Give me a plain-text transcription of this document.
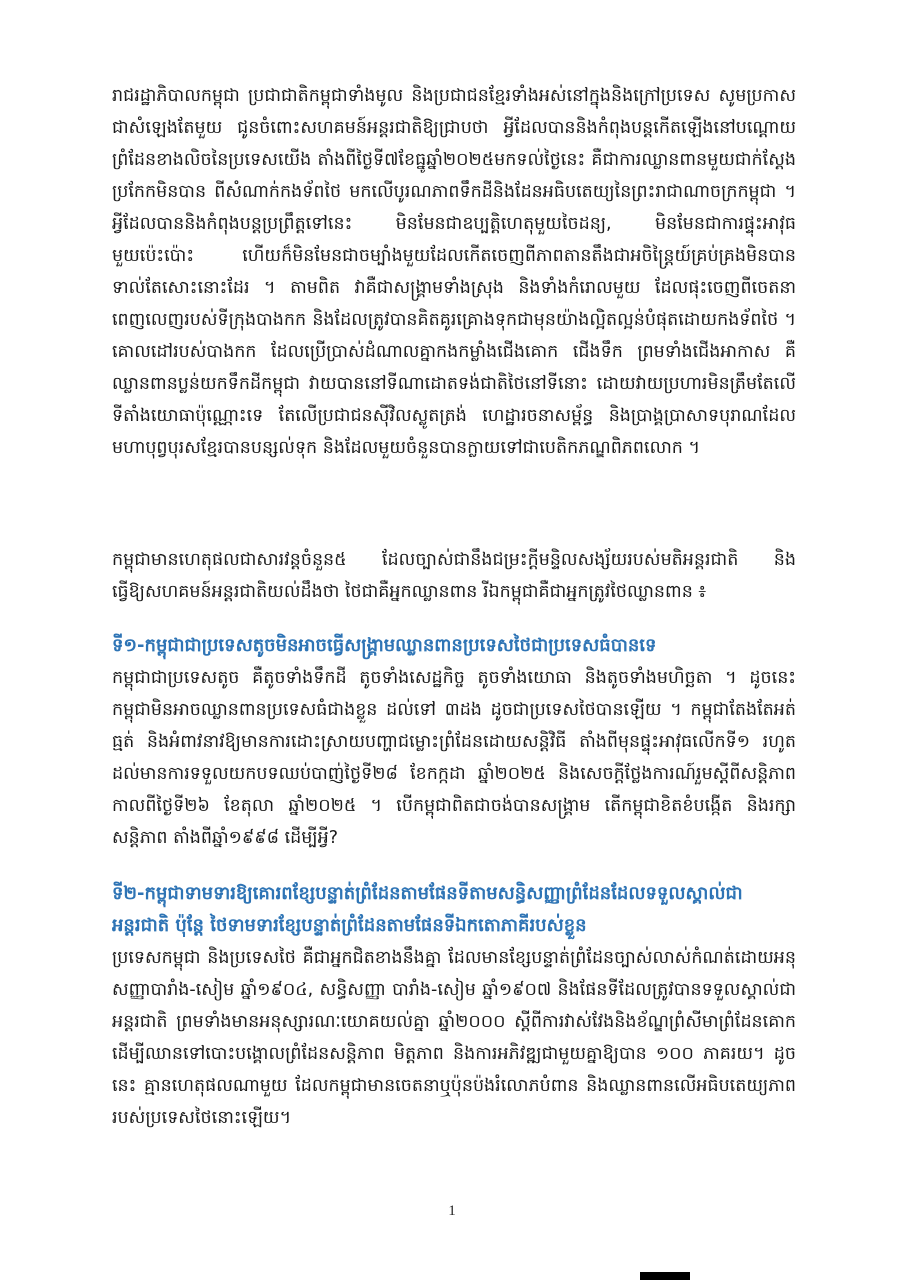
រាជរដ្ឋាភិបាលកម្ពុជា ប្រជាជាតិកម្ពុជាទាំងមូល និងប្រជាជនខ្មែរទាំងអស់នៅក្នុងនិងក្រៅប្រទេស សូមប្រកាសជាសំឡេងតែមួយ ជូនចំពោះសហគមន៍អន្តរជាតិឱ្យជ្រាបថា អ្វីដែលបាននិងកំពុងបន្តកើតឡើងនៅបណ្តោយព្រំដែនខាងលិចនៃប្រទេសយើង តាំងពីថ្ងៃទី៧ខែធ្នូឆ្នាំ២០២៥មកទល់ថ្ងៃនេះ គឺជាការឈ្លានពានមួយជាក់ស្តែងប្រកែកមិនបាន ពីសំណាក់កងទ័ពថៃ មកលើបូរណភាពទឹកដីនិងដែនអធិបតេយ្យនៃព្រះរាជាណាចក្រកម្ពុជា ។ អ្វីដែលបាននិងកំពុងបន្តប្រព្រឹត្តទៅនេះ មិនមែនជាឧប្បត្តិហេតុមួយចៃដន្យ, មិនមែនជាការផ្ទុះអាវុធមួយប៉េះប៉ោះ ហើយក៏មិនមែនជាចម្បាំងមួយដែលកើតចេញពីភាពតានតឹងជាអចិន្ត្រៃយ៍គ្រប់គ្រងមិនបានទាល់តែសោះនោះដែរ ។ តាមពិត វាគឺជាសង្គ្រាមទាំងស្រុង និងទាំងកំរោលមួយ ដែលផុះចេញពីចេតនាពេញលេញរបស់ទីក្រុងបាងកក និងដែលត្រូវបានគិតគូរគ្រោងទុកជាមុនយ៉ាងល្អិតល្អន់បំផុតដោយកងទ័ពថៃ ។ គោលដៅរបស់បាងកក ដែលប្រើប្រាស់ដំណាលគ្នាកងកម្លាំងជើងគោក ជើងទឹក ព្រមទាំងជើងអាកាស គឺ ឈ្លានពានប្លន់យកទឹកដីកម្ពុជា វាយបាននៅទីណាដោតទង់ជាតិថៃនៅទីនោះ ដោយវាយប្រហារមិនត្រឹមតែលើទីតាំងយោធាប៉ុណ្ណោះទេ តែលើប្រជាជនស៊ីវិលស្លូតត្រង់ ហេដ្ឋារចនាសម្ព័ន្ធ និងប្រាង្គប្រាសាទបុរាណដែលមហាបុព្វបុរសខ្មែរបានបន្សល់ទុក និងដែលមួយចំនួនបានក្លាយទៅជាបេតិកភណ្ឌពិភពលោក ។

កម្ពុជាមានហេតុផលជាសារវន្តចំនួន៥ ដែលច្បាស់ជានឹងជម្រះក្តីមន្ទិលសង្ស័យរបស់មតិអន្តរជាតិ និងធ្វើឱ្យសហគមន៍អន្តរជាតិយល់ដឹងថា ថៃជាគឺអ្នកឈ្លានពាន រីឯកម្ពុជាគឺជាអ្នកត្រូវថៃឈ្លានពាន ៖

ទី១-កម្ពុជាជាប្រទេសតូចមិនអាចធ្វើសង្គ្រាមឈ្លានពានប្រទេសថៃជាប្រទេសធំបានទេ

កម្ពុជាជាប្រទេសតូច គឺតូចទាំងទឹកដី តូចទាំងសេដ្ឋកិច្ច តូចទាំងយោធា និងតូចទាំងមហិច្ឆតា ។ ដូចនេះ កម្ពុជាមិនអាចឈ្លានពានប្រទេសធំជាងខ្លួន ដល់ទៅ ៣ដង ដូចជាប្រទេសថៃបានឡើយ ។ កម្ពុជាតែងតែអត់ធ្មត់ និងអំពាវនាវឱ្យមានការដោះស្រាយបញ្ហាជម្លោះព្រំដែនដោយសន្តិវិធី តាំងពីមុនផ្ទុះអាវុធលើកទី១ រហូតដល់មានការទទួលយកបទឈប់បាញ់ថ្ងៃទី២៨ ខែកក្កដា ឆ្នាំ២០២៥ និងសេចក្តីថ្លែងការណ៍រួមស្តីពីសន្តិភាពកាលពីថ្ងៃទី២៦ ខែតុលា ឆ្នាំ២០២៥ ។ បើកម្ពុជាពិតជាចង់បានសង្គ្រាម តើកម្ពុជាខិតខំបង្កើត និងរក្សាសន្តិភាព តាំងពីឆ្នាំ១៩៩៨ ដើម្បីអ្វី?

ទី២-កម្ពុជាទាមទារឱ្យគោរពខ្សែបន្ទាត់ព្រំដែនតាមផែនទីតាមសន្ធិសញ្ញាព្រំដែនដែលទទួលស្គាល់ជាអន្តរជាតិ ប៉ុន្តែ ថៃទាមទារខ្សែបន្ទាត់ព្រំដែនតាមផែនទីឯកតោភាគីរបស់ខ្លួន

ប្រទេសកម្ពុជា និងប្រទេសថៃ គឺជាអ្នកជិតខាងនឹងគ្នា ដែលមានខ្សែបន្ទាត់ព្រំដែនច្បាស់លាស់កំណត់ដោយអនុសញ្ញាបារាំង-សៀម ឆ្នាំ១៩០៤, សន្ធិសញ្ញា បារាំង-សៀម ឆ្នាំ១៩០៧ និងផែនទីដែលត្រូវបានទទួលស្គាល់ជាអន្តរជាតិ ព្រមទាំងមានអនុស្សារណៈយោគយល់គ្នា ឆ្នាំ២០០០ ស្តីពីការវាស់វែងនិងខ័ណ្ឌព្រំសីមាព្រំដែនគោក ដើម្បីឈានទៅបោះបង្គោលព្រំដែនសន្តិភាព មិត្តភាព និងការអភិវឌ្ឍជាមួយគ្នាឱ្យបាន ១០០ ភាគរយ។ ដូចនេះ គ្មានហេតុផលណាមួយ ដែលកម្ពុជាមានចេតនាឬប៉ុនប៉ងរំលោភបំពាន និងឈ្លានពានលើអធិបតេយ្យភាពរបស់ប្រទេសថៃនោះឡើយ។

1
